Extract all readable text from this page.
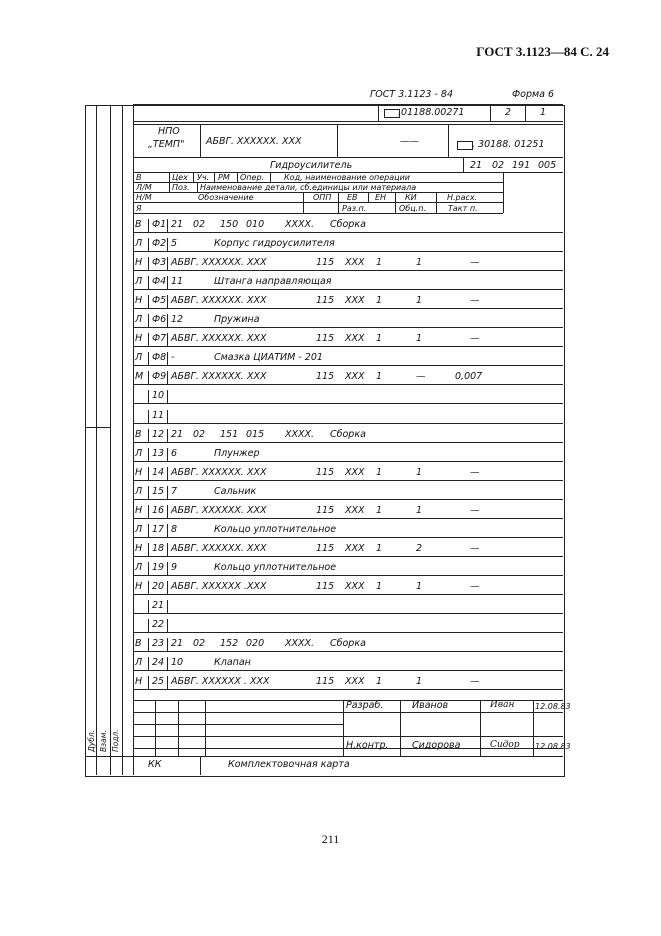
ГОСТ 3.1123—84 С. 24
Дубл. Взам. Подл.
ГОСТ 3.1123 - 84	Форма 6
.01188.00271	2	1
НПО
„ТЕМП" АБВГ. XXXXXX. XXX	——	. 30188. 01251
Гидроусилитель	21 02 191 005
В	Цех Уч. РМ Опер. Код, наименование операции
Л/М	Поз. Наименование детали, сб.единицы или материала
Н/М	Обозначение	ОПП ЕВ ЕН КИ	Н.расх.
Я	Раз.п.	Обц.п.	Такт п.
В Ф1 21 02 150 010 XXXX. Сборка
Л Ф2 5	Корпус гидроусилителя
Н Ф3 АБВГ. XXXXXX. XXX	115 XXX 1	1	—
Л Ф4 11	Штанга направляющая
Н Ф5 АБВГ. XXXXXX. XXX	115 XXX 1	1	—
Л Ф6 12	Пружина
Н Ф7 АБВГ. XXXXXX. XXX	115 XXX 1	1	—
Л Ф8 -	Смазка ЦИАТИМ - 201
М Ф9 АБВГ. XXXXXX. XXX	115 XXX 1	—	0,007
10
11
В 12 21 02 151 015 XXXX. Сборка
Л 13 6	Плунжер
Н 14 АБВГ. XXXXXX. XXX	115 XXX 1	1	—
Л 15 7	Сальник
Н 16 АБВГ. XXXXXX. XXX	115 XXX 1	1	—
Л 17 8	Кольцо уплотнительное
Н 18 АБВГ. XXXXXX. XXX	115 XXX 1	2	—
Л 19 9	Кольцо уплотнительное
Н 20 АБВГ. XXXXXX .XXX	115 XXX 1	1	—
21
22
В 23 21 02 152 020 XXXX. Сборка
Л 24 10	Клапан
Н 25 АБВГ. XXXXXX . XXX	115 XXX 1	1	—
Разраб.	Иванов	Иван	12.08.83
Н.контр. Сидорова	Сидор 12.08.83
КК	Комплектовочная карта
211
